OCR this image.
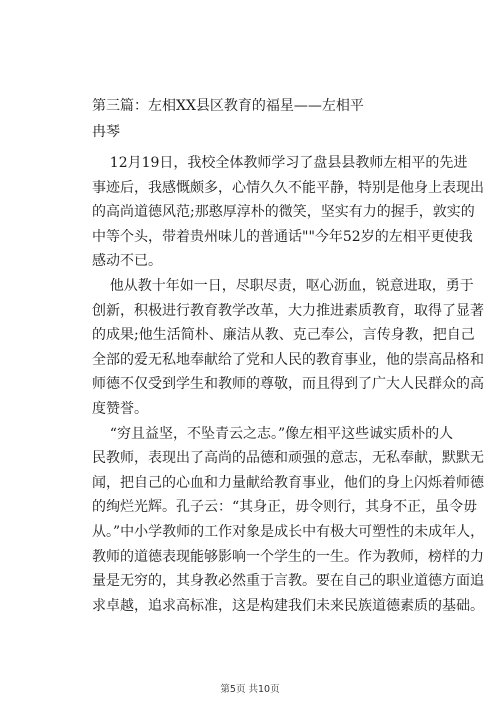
第三篇：左相XX县区教育的福星——左相平
冉琴
12月19日，我校全体教师学习了盘县县教师左相平的先进
事迹后，我感慨颇多，心情久久不能平静，特别是他身上表现出
的高尚道德风范;那憨厚淳朴的微笑，坚实有力的握手，敦实的
中等个头，带着贵州味儿的普通话""今年52岁的左相平更使我
感动不已。
他从教十年如一日，尽职尽责，呕心沥血，锐意进取，勇于
创新，积极进行教育教学改革，大力推进素质教育，取得了显著
的成果;他生活简朴、廉洁从教、克己奉公，言传身教，把自己
全部的爱无私地奉献给了党和人民的教育事业，他的崇高品格和
师德不仅受到学生和教师的尊敬，而且得到了广大人民群众的高
度赞誉。
“穷且益坚，不坠青云之志。”像左相平这些诚实质朴的人
民教师，表现出了高尚的品德和顽强的意志，无私奉献，默默无
闻，把自己的心血和力量献给教育事业，他们的身上闪烁着师德
的绚烂光辉。孔子云：“其身正，毋令则行，其身不正，虽令毋
从。”中小学教师的工作对象是成长中有极大可塑性的未成年人，
教师的道德表现能够影响一个学生的一生。作为教师，榜样的力
量是无穷的，其身教必然重于言教。要在自己的职业道德方面追
求卓越，追求高标准，这是构建我们未来民族道德素质的基础。
第5页 共10页
